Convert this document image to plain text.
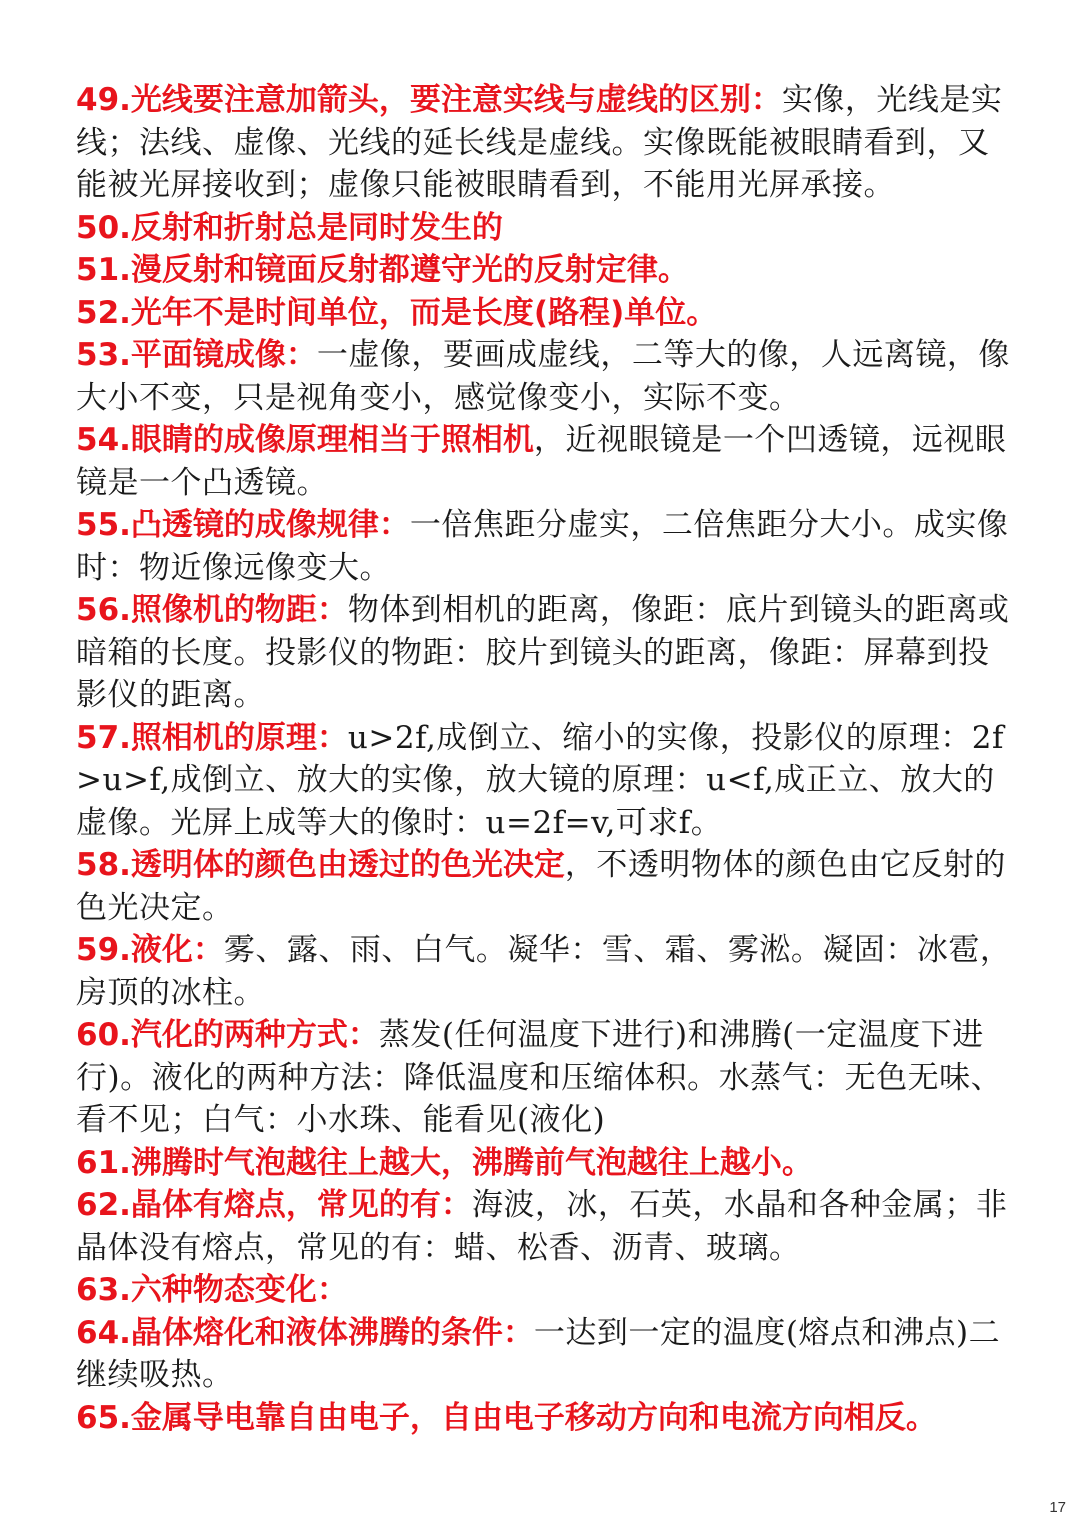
49.光线要注意加箭头，要注意实线与虚线的区别：实像，光线是实线；法线、虚像、光线的延长线是虚线。实像既能被眼睛看到，又能被光屏接收到；虚像只能被眼睛看到，不能用光屏承接。

50.反射和折射总是同时发生的

51.漫反射和镜面反射都遵守光的反射定律。

52.光年不是时间单位，而是长度(路程)单位。

53.平面镜成像：一虚像，要画成虚线，二等大的像，人远离镜，像大小不变，只是视角变小，感觉像变小，实际不变。

54.眼睛的成像原理相当于照相机，近视眼镜是一个凹透镜，远视眼镜是一个凸透镜。

55.凸透镜的成像规律：一倍焦距分虚实，二倍焦距分大小。成实像时：物近像远像变大。

56.照像机的物距：物体到相机的距离，像距：底片到镜头的距离或暗箱的长度。投影仪的物距：胶片到镜头的距离，像距：屏幕到投影仪的距离。

57.照相机的原理：u>2f,成倒立、缩小的实像，投影仪的原理：2f>u>f,成倒立、放大的实像，放大镜的原理：u<f,成正立、放大的虚像。光屏上成等大的像时：u=2f=v,可求f。

58.透明体的颜色由透过的色光决定，不透明物体的颜色由它反射的色光决定。

59.液化：雾、露、雨、白气。凝华：雪、霜、雾淞。凝固：冰雹，房顶的冰柱。

60.汽化的两种方式：蒸发(任何温度下进行)和沸腾(一定温度下进行)。液化的两种方法：降低温度和压缩体积。水蒸气：无色无味、看不见；白气：小水珠、能看见(液化)

61.沸腾时气泡越往上越大，沸腾前气泡越往上越小。

62.晶体有熔点，常见的有：海波，冰，石英，水晶和各种金属；非晶体没有熔点，常见的有：蜡、松香、沥青、玻璃。

63.六种物态变化：

64.晶体熔化和液体沸腾的条件：一达到一定的温度(熔点和沸点)二继续吸热。

65.金属导电靠自由电子，自由电子移动方向和电流方向相反。

17
